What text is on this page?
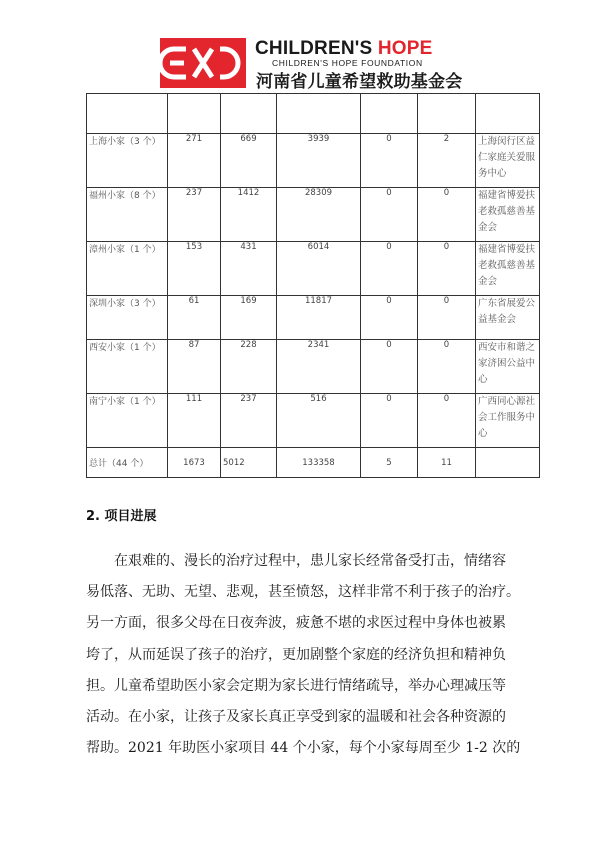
CHILDREN'S HOPE
CHILDREN'S HOPE FOUNDATION
河南省儿童希望救助基金会

上海小家（3 个）	271	669	3939	0	2	上海闵行区益仁家庭关爱服务中心
福州小家（8 个）	237	1412	28309	0	0	福建省博爱扶老救孤慈善基金会
漳州小家（1 个）	153	431	6014	0	0	福建省博爱扶老救孤慈善基金会
深圳小家（3 个）	61	169	11817	0	0	广东省展爱公益基金会
西安小家（1 个）	87	228	2341	0	0	西安市和谐之家济困公益中心
南宁小家（1 个）	111	237	516	0	0	广西同心源社会工作服务中心
总计（44 个）	1673	5012	133358	5	11	
2. 项目进展
在艰难的、漫长的治疗过程中，患儿家长经常备受打击，情绪容
易低落、无助、无望、悲观，甚至愤怒，这样非常不利于孩子的治疗。
另一方面，很多父母在日夜奔波，疲惫不堪的求医过程中身体也被累
垮了，从而延误了孩子的治疗，更加剧整个家庭的经济负担和精神负
担。儿童希望助医小家会定期为家长进行情绪疏导，举办心理减压等
活动。在小家，让孩子及家长真正享受到家的温暖和社会各种资源的
帮助。2021 年助医小家项目 44 个小家，每个小家每周至少 1-2 次的
